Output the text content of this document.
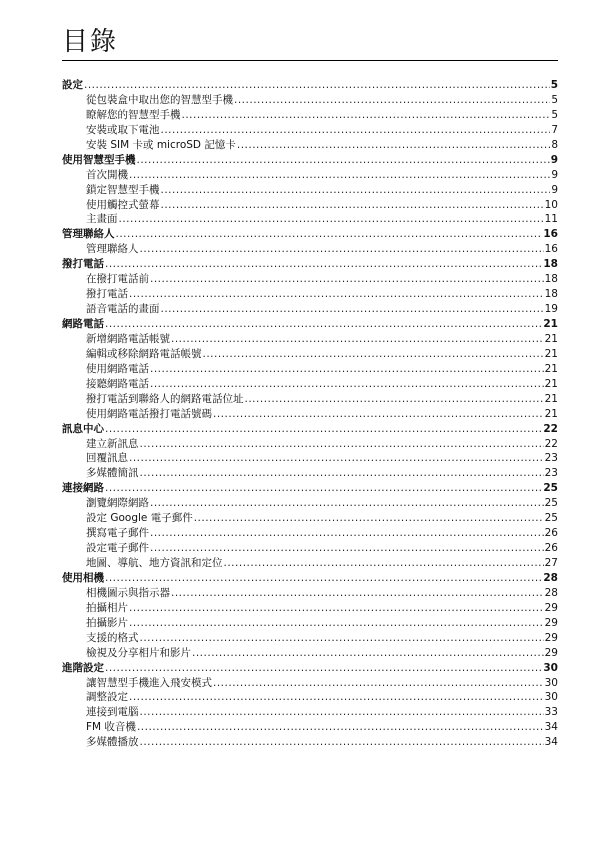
目錄
設定 .....	5
從包裝盒中取出您的智慧型手機 .....	5
瞭解您的智慧型手機 .....	5
安裝或取下電池 .....	7
安裝 SIM 卡或 microSD 記憶卡 .....	8
使用智慧型手機 .....	9
首次開機 .....	9
鎖定智慧型手機 .....	9
使用觸控式螢幕 .....	10
主畫面 .....	11
管理聯絡人 .....	16
管理聯絡人 .....	16
撥打電話 .....	18
在撥打電話前 .....	18
撥打電話 .....	18
語音電話的畫面 .....	19
網路電話 .....	21
新增網路電話帳號 .....	21
編輯或移除網路電話帳號 .....	21
使用網路電話 .....	21
接聽網路電話 .....	21
撥打電話到聯絡人的網路電話位址 .....	21
使用網路電話撥打電話號碼 .....	21
訊息中心 .....	22
建立新訊息 .....	22
回覆訊息 .....	23
多媒體簡訊 .....	23
連接網路 .....	25
瀏覽網際網路 .....	25
設定 Google 電子郵件 .....	25
撰寫電子郵件 .....	26
設定電子郵件 .....	26
地圖、導航、地方資訊和定位 .....	27
使用相機 .....	28
相機圖示與指示器 .....	28
拍攝相片 .....	29
拍攝影片 .....	29
支援的格式 .....	29
檢視及分享相片和影片 .....	29
進階設定 .....	30
讓智慧型手機進入飛安模式 .....	30
調整設定 .....	30
連接到電腦 .....	33
FM 收音機 .....	34
多媒體播放 .....	34
